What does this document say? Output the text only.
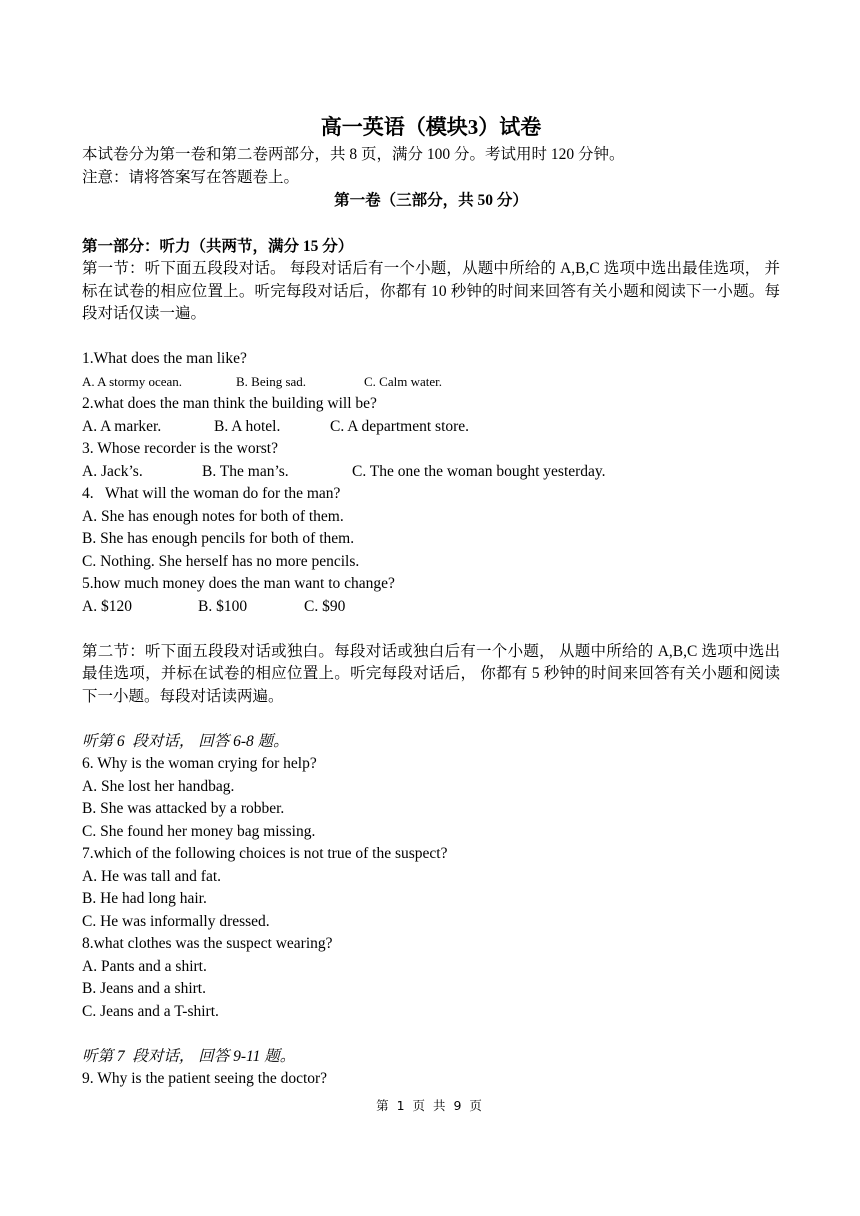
高一英语（模块3）试卷
本试卷分为第一卷和第二卷两部分，共 8 页，满分 100 分。考试用时 120 分钟。
注意：请将答案写在答题卷上。
第一卷（三部分，共 50 分）
第一部分：听力（共两节，满分 15 分）
第一节：听下面五段段对话。 每段对话后有一个小题，从题中所给的 A,B,C 选项中选出最佳选项， 并标在试卷的相应位置上。听完每段对话后，你都有 10 秒钟的时间来回答有关小题和阅读下一小题。每段对话仅读一遍。
1.What does the man like?
A. A stormy ocean.	B. Being sad.	C. Calm water.
2.what does the man think the building will be?
A. A marker.	B. A hotel.	C. A department store.
3. Whose recorder is the worst?
A. Jack’s.	B. The man’s.	C. The one the woman bought yesterday.
4.   What will the woman do for the man?
A. She has enough notes for both of them.
B. She has enough pencils for both of them.
C. Nothing. She herself has no more pencils.
5.how much money does the man want to change?
A. $120	B. $100	C. $90
第二节：听下面五段段对话或独白。每段对话或独白后有一个小题， 从题中所给的 A,B,C 选项中选出最佳选项，并标在试卷的相应位置上。听完每段对话后， 你都有 5 秒钟的时间来回答有关小题和阅读下一小题。每段对话读两遍。
听第 6  段对话， 回答 6-8 题。
6. Why is the woman crying for help?
A. She lost her handbag.
B. She was attacked by a robber.
C. She found her money bag missing.
7.which of the following choices is not true of the suspect?
A. He was tall and fat.
B. He had long hair.
C. He was informally dressed.
8.what clothes was the suspect wearing?
A. Pants and a shirt.
B. Jeans and a shirt.
C. Jeans and a T-shirt.
听第 7  段对话， 回答 9-11 题。
9. Why is the patient seeing the doctor?
第 1 页 共 9 页
